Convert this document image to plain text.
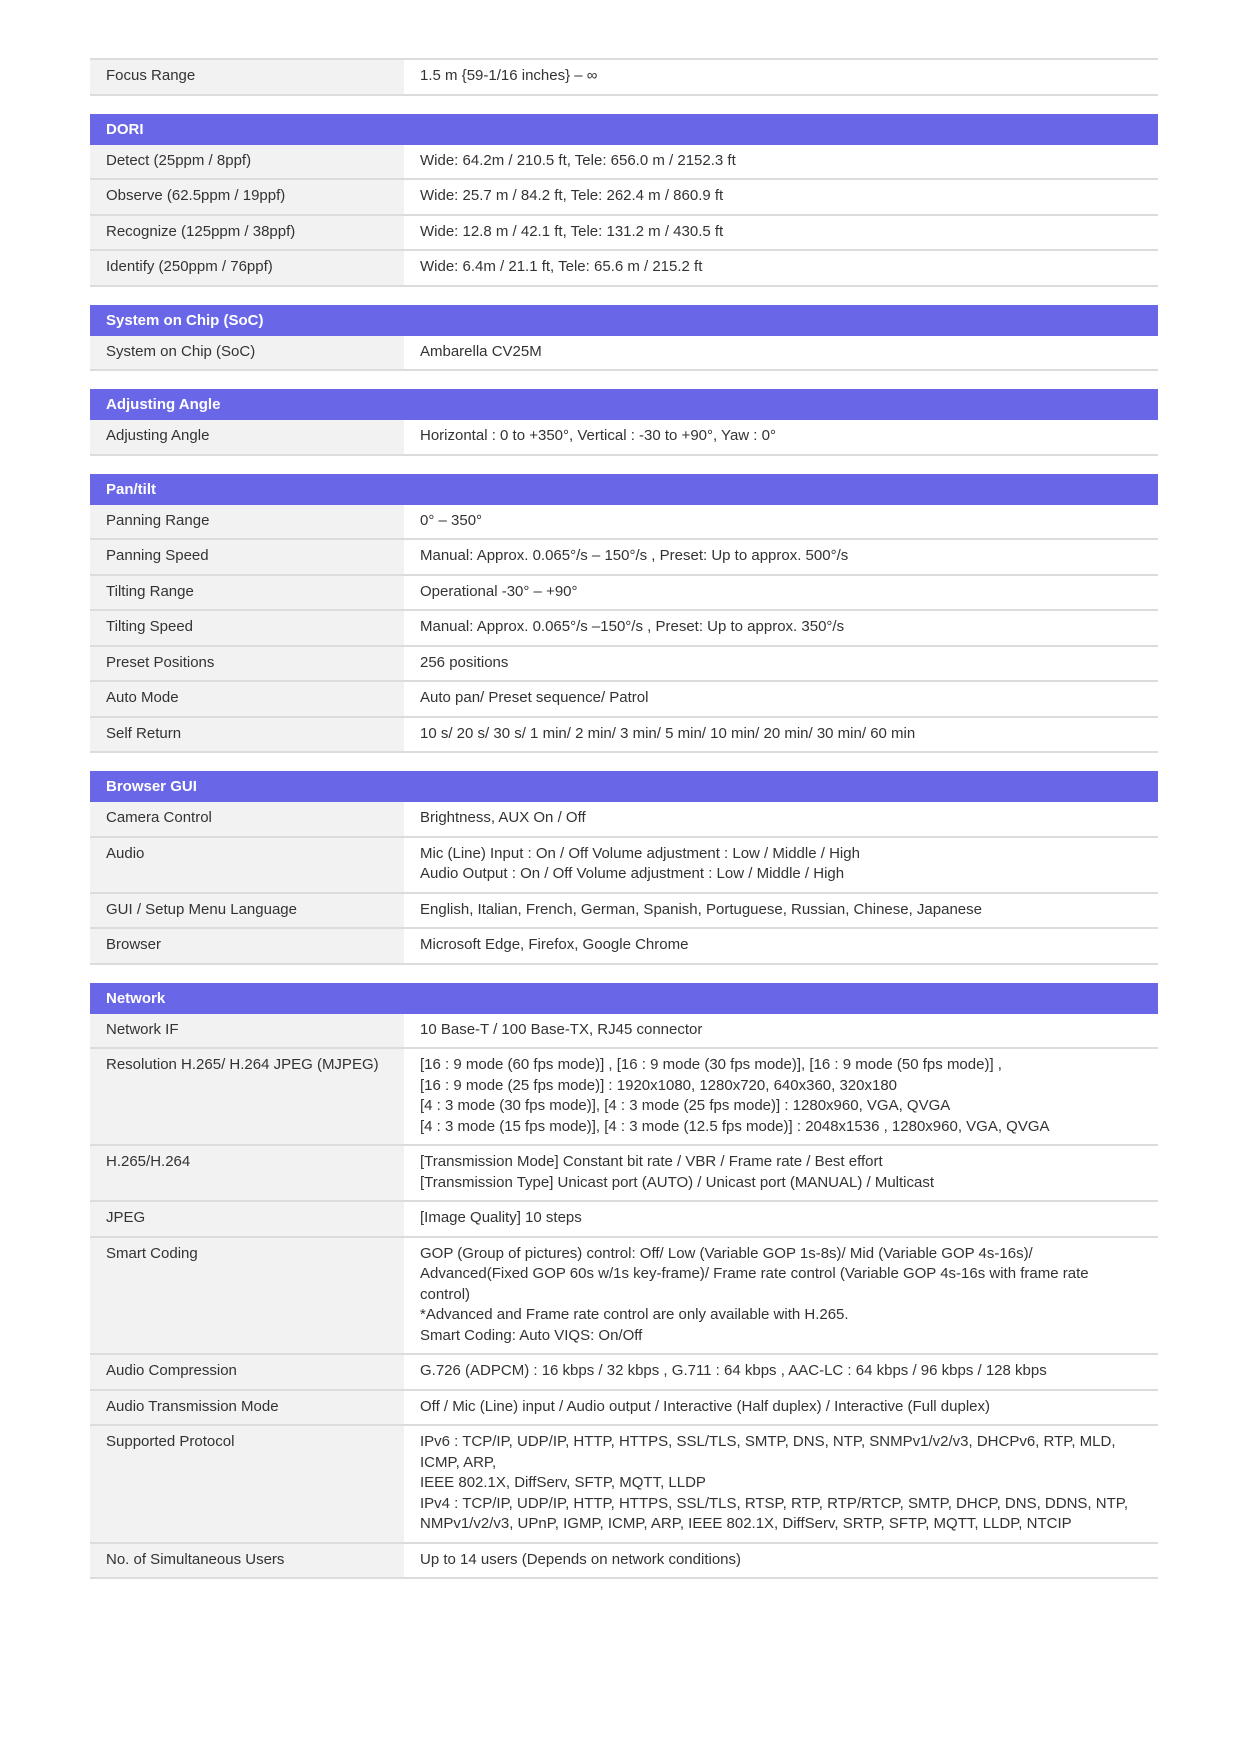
Focus Range	1.5 m {59-1/16 inches} – ∞
DORI
Detect (25ppm / 8ppf)	Wide: 64.2m / 210.5 ft, Tele: 656.0 m / 2152.3 ft
Observe (62.5ppm / 19ppf)	Wide: 25.7 m / 84.2 ft, Tele: 262.4 m / 860.9 ft
Recognize (125ppm / 38ppf)	Wide: 12.8 m / 42.1 ft, Tele: 131.2 m / 430.5 ft
Identify (250ppm / 76ppf)	Wide: 6.4m / 21.1 ft, Tele: 65.6 m / 215.2 ft
System on Chip (SoC)
System on Chip (SoC)	Ambarella CV25M
Adjusting Angle
Adjusting Angle	Horizontal : 0 to +350°, Vertical : -30 to +90°, Yaw : 0°
Pan/tilt
Panning Range	0° – 350°
Panning Speed	Manual: Approx. 0.065°/s – 150°/s , Preset: Up to approx. 500°/s
Tilting Range	Operational -30° – +90°
Tilting Speed	Manual: Approx. 0.065°/s –150°/s , Preset: Up to approx. 350°/s
Preset Positions	256 positions
Auto Mode	Auto pan/ Preset sequence/ Patrol
Self Return	10 s/ 20 s/ 30 s/ 1 min/ 2 min/ 3 min/ 5 min/ 10 min/ 20 min/ 30 min/ 60 min
Browser GUI
Camera Control	Brightness, AUX On / Off
Audio	Mic (Line) Input : On / Off Volume adjustment : Low / Middle / High
Audio Output : On / Off Volume adjustment : Low / Middle / High
GUI / Setup Menu Language	English, Italian, French, German, Spanish, Portuguese, Russian, Chinese, Japanese
Browser	Microsoft Edge, Firefox, Google Chrome
Network
Network IF	10 Base-T / 100 Base-TX, RJ45 connector
Resolution H.265/ H.264 JPEG (MJPEG)	[16 : 9 mode (60 fps mode)] , [16 : 9 mode (30 fps mode)], [16 : 9 mode (50 fps mode)] ,
[16 : 9 mode (25 fps mode)] : 1920x1080, 1280x720, 640x360, 320x180
[4 : 3 mode (30 fps mode)], [4 : 3 mode (25 fps mode)] : 1280x960, VGA, QVGA
[4 : 3 mode (15 fps mode)], [4 : 3 mode (12.5 fps mode)] : 2048x1536 , 1280x960, VGA, QVGA
H.265/H.264	[Transmission Mode] Constant bit rate / VBR / Frame rate / Best effort
[Transmission Type] Unicast port (AUTO) / Unicast port (MANUAL) / Multicast
JPEG	[Image Quality] 10 steps
Smart Coding	GOP (Group of pictures) control: Off/ Low (Variable GOP 1s-8s)/ Mid (Variable GOP 4s-16s)/
Advanced(Fixed GOP 60s w/1s key-frame)/ Frame rate control (Variable GOP 4s-16s with frame rate
control)
*Advanced and Frame rate control are only available with H.265.
Smart Coding: Auto VIQS: On/Off
Audio Compression	G.726 (ADPCM) : 16 kbps / 32 kbps , G.711 : 64 kbps , AAC-LC : 64 kbps / 96 kbps / 128 kbps
Audio Transmission Mode	Off / Mic (Line) input / Audio output / Interactive (Half duplex) / Interactive (Full duplex)
Supported Protocol	IPv6 : TCP/IP, UDP/IP, HTTP, HTTPS, SSL/TLS, SMTP, DNS, NTP, SNMPv1/v2/v3, DHCPv6, RTP, MLD, ICMP, ARP,
IEEE 802.1X, DiffServ, SFTP, MQTT, LLDP
IPv4 : TCP/IP, UDP/IP, HTTP, HTTPS, SSL/TLS, RTSP, RTP, RTP/RTCP, SMTP, DHCP, DNS, DDNS, NTP,
NMPv1/v2/v3, UPnP, IGMP, ICMP, ARP, IEEE 802.1X, DiffServ, SRTP, SFTP, MQTT, LLDP, NTCIP
No. of Simultaneous Users	Up to 14 users (Depends on network conditions)
